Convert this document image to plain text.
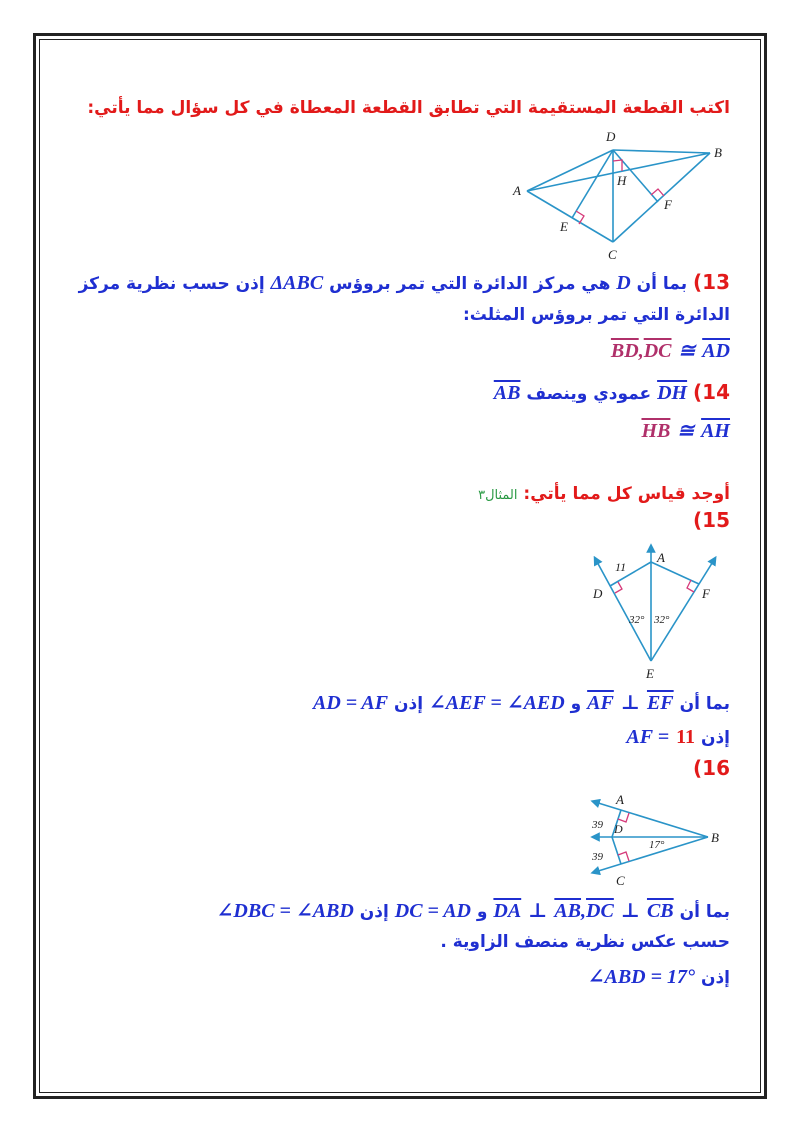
اكتب القطعة المستقيمة التي تطابق القطعة المعطاة في كل سؤال مما يأتي:
D
B
H
A
F
E
C
13) بما أن D هي مركز الدائرة التي تمر بروؤس ΔABC إذن حسب نظرية مركز
الدائرة التي تمر بروؤس المثلث:
$\overline{BD},\overline{DC}$ ≅ $\overline{AD}$
14) DH عمودي وينصف AB
$\overline{HB}$ ≅ $\overline{AH}$
أوجد قياس كل مما يأتي: المثال٣
(15
11
A
D	F
32° 32°
E
بما أن $\overline{AF}$ ⊥ $\overline{EF}$ و ∠AEF = ∠AED إذن AD = AF
إذن AF = 11
(16
A
39 D
B
17°
39
C
بما أن $\overline{DA}$ ⊥ $\overline{AB},\overline{DC}$ ⊥ $\overline{CB}$ و DC = AD إذن ∠DBC = ∠ABD
حسب عكس نظرية منصف الزاوية .
إذن ∠ABD = 17°
